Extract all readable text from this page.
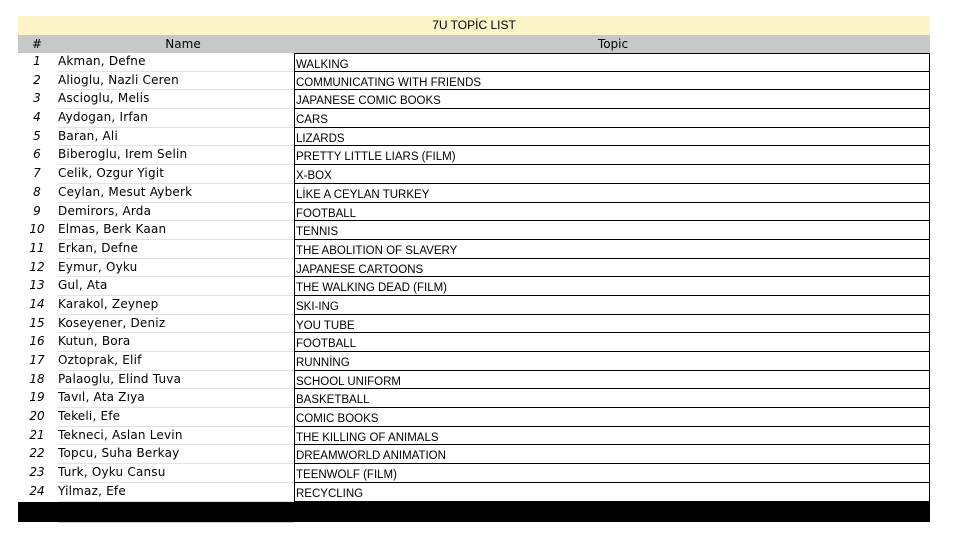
7U TOPİC LIST
#	Name	Topic
1	Akman, Defne	WALKING
2	Alioglu, Nazli Ceren	COMMUNICATING WITH FRIENDS
3	Ascioglu, Melis	JAPANESE COMIC BOOKS
4	Aydogan, Irfan	CARS
5	Baran, Ali	LIZARDS
6	Biberoglu, Irem Selin	PRETTY LITTLE LIARS (FILM)
7	Celik, Ozgur Yigit	X-BOX
8	Ceylan, Mesut Ayberk	LİKE A CEYLAN TURKEY
9	Demirors, Arda	FOOTBALL
10	Elmas, Berk Kaan	TENNIS
11	Erkan, Defne	THE ABOLITION OF SLAVERY
12	Eymur, Oyku	JAPANESE CARTOONS
13	Gul, Ata	THE WALKING DEAD (FILM)
14	Karakol, Zeynep	SKI-ING
15	Koseyener, Deniz	YOU TUBE
16	Kutun, Bora	FOOTBALL
17	Oztoprak, Elif	RUNNİNG
18	Palaoglu, Elind Tuva	SCHOOL UNIFORM
19	Tavıl, Ata Zıya	BASKETBALL
20	Tekeli, Efe	COMIC BOOKS
21	Tekneci, Aslan Levin	THE KILLING OF ANIMALS
22	Topcu, Suha Berkay	DREAMWORLD ANIMATION
23	Turk, Oyku Cansu	TEENWOLF (FILM)
24	Yilmaz, Efe	RECYCLING
